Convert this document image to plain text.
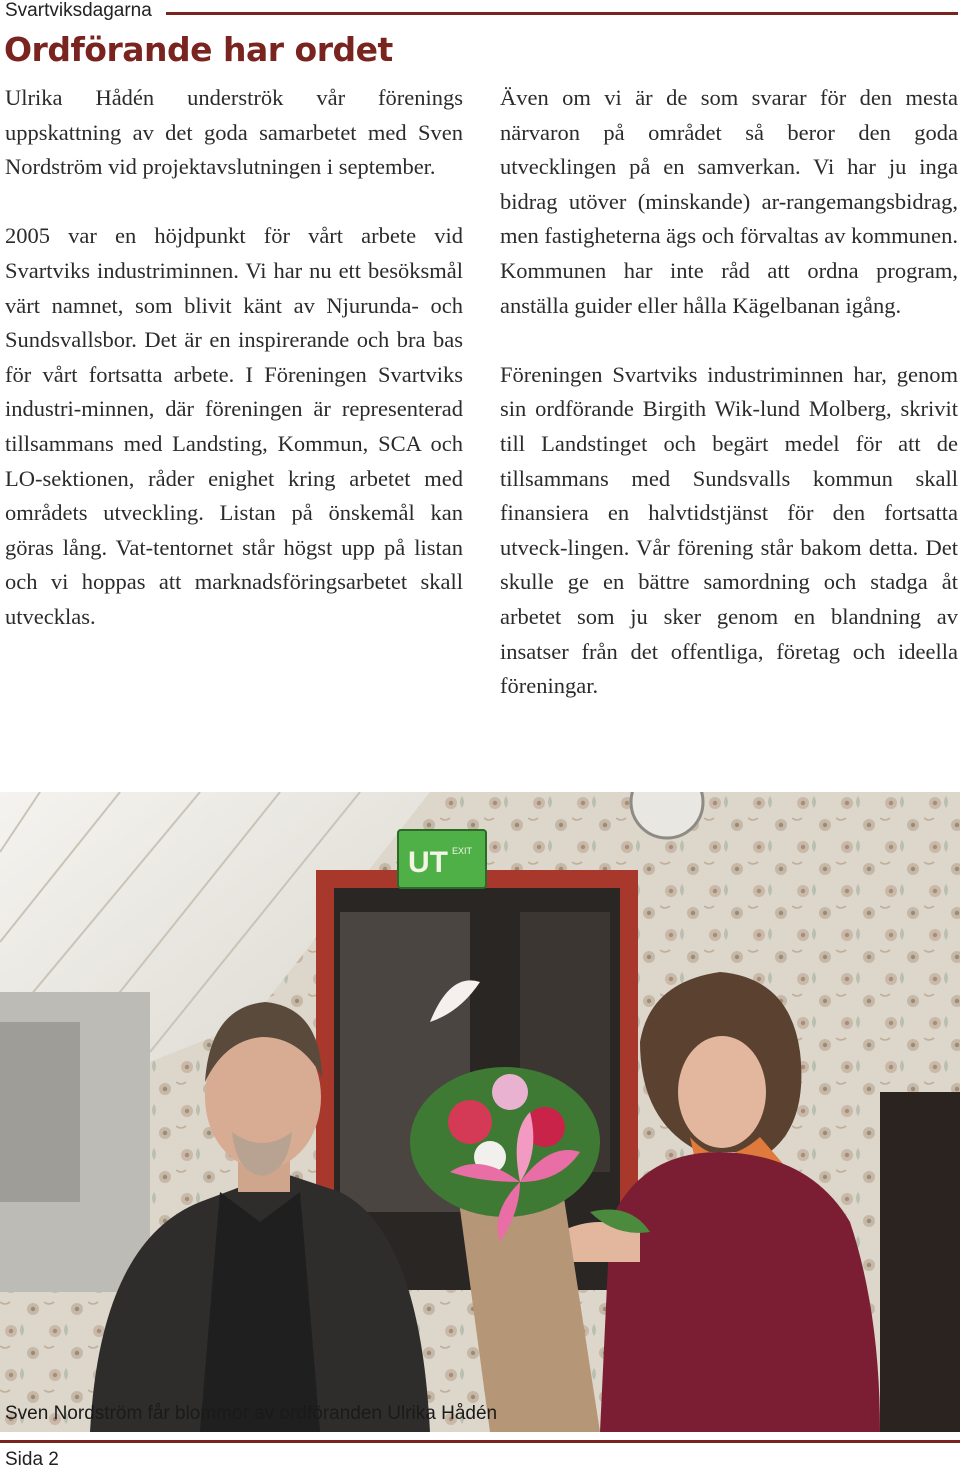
Svartviksdagarna
Ordförande har ordet

Ulrika Hådén underströk vår förenings uppskattning av det goda samarbetet med Sven Nordström vid projektavslutningen i september.

2005 var en höjdpunkt för vårt arbete vid Svartviks industriminnen. Vi har nu ett besöksmål värt namnet, som blivit känt av Njurunda- och Sundsvallsbor. Det är en inspirerande och bra bas för vårt fortsatta arbete. I Föreningen Svartviks industri-minnen, där föreningen är representerad tillsammans med Landsting, Kommun, SCA och LO-sektionen, råder enighet kring arbetet med områdets utveckling. Listan på önskemål kan göras lång. Vat-tentornet står högst upp på listan och vi hoppas att marknadsföringsarbetet skall utvecklas.

Även om vi är de som svarar för den mesta närvaron på området så beror den goda utvecklingen på en samverkan. Vi har ju inga bidrag utöver (minskande) ar-rangemangsbidrag, men fastigheterna ägs och förvaltas av kommunen. Kommunen har inte råd att ordna program, anställa guider eller hålla Kägelbanan igång.

Föreningen Svartviks industriminnen har, genom sin ordförande Birgith Wik-lund Molberg, skrivit till Landstinget och begärt medel för att de tillsammans med Sundsvalls kommun skall finansiera en halvtidstjänst för den fortsatta utveck-lingen. Vår förening står bakom detta. Det skulle ge en bättre samordning och stadga åt arbetet som ju sker genom en blandning av insatser från det offentliga, företag och ideella föreningar.

UT EXIT
Sven Nordström får blommor av ordföranden Ulrika Hådén
Sida 2
